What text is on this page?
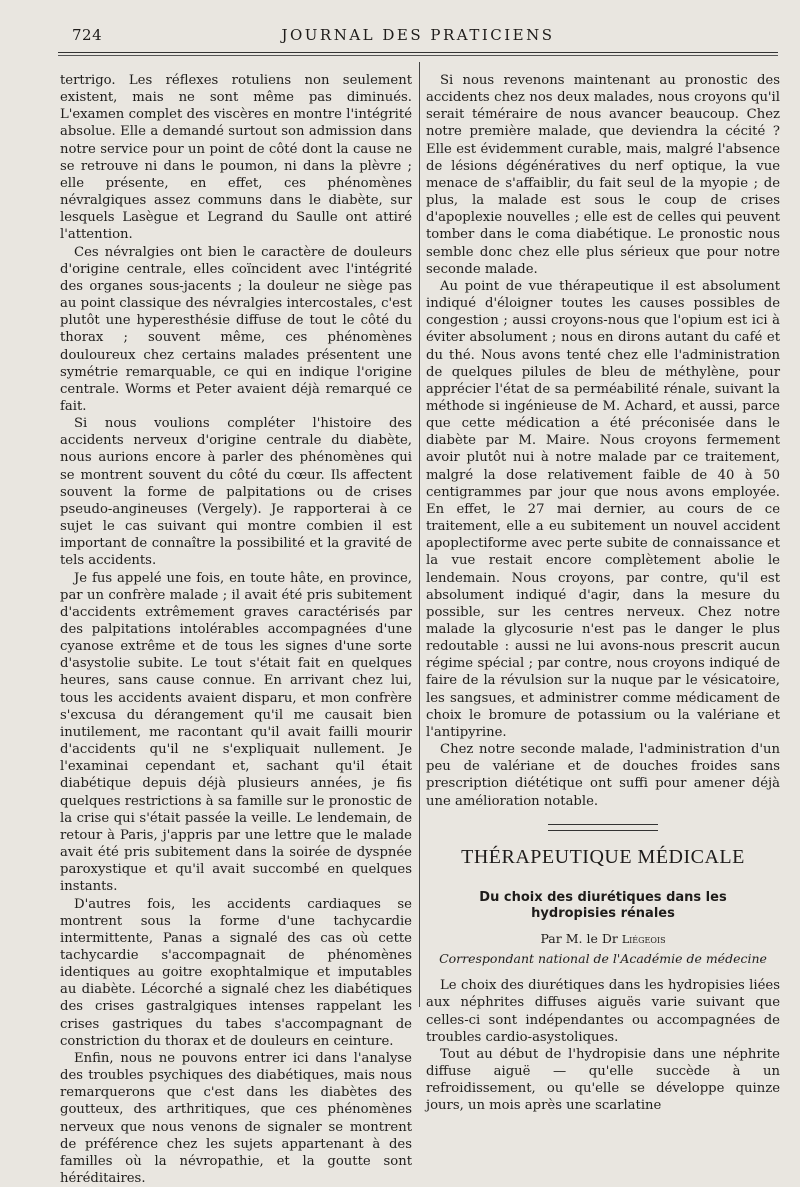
724	JOURNAL DES PRATICIENS

tertrigo. Les réflexes rotuliens non seulement existent, mais ne sont même pas diminués. L'examen complet des viscères en montre l'intégrité absolue. Elle a demandé surtout son admission dans notre service pour un point de côté dont la cause ne se retrouve ni dans le poumon, ni dans la plèvre ; elle présente, en effet, ces phénomènes névralgiques assez communs dans le diabète, sur lesquels Lasègue et Legrand du Saulle ont attiré l'attention.

Ces névralgies ont bien le caractère de douleurs d'origine centrale, elles coïncident avec l'intégrité des organes sous-jacents ; la douleur ne siège pas au point classique des névralgies intercostales, c'est plutôt une hyperesthésie diffuse de tout le côté du thorax ; souvent même, ces phénomènes douloureux chez certains malades présentent une symétrie remarquable, ce qui en indique l'origine centrale. Worms et Peter avaient déjà remarqué ce fait.

Si nous voulions compléter l'histoire des accidents nerveux d'origine centrale du diabète, nous aurions encore à parler des phénomènes qui se montrent souvent du côté du cœur. Ils affectent souvent la forme de palpitations ou de crises pseudo-angineuses (Vergely). Je rapporterai à ce sujet le cas suivant qui montre combien il est important de connaître la possibilité et la gravité de tels accidents.

Je fus appelé une fois, en toute hâte, en province, par un confrère malade ; il avait été pris subitement d'accidents extrêmement graves caractérisés par des palpitations intolérables accompagnées d'une cyanose extrême et de tous les signes d'une sorte d'asystolie subite. Le tout s'était fait en quelques heures, sans cause connue. En arrivant chez lui, tous les accidents avaient disparu, et mon confrère s'excusa du dérangement qu'il me causait bien inutilement, me racontant qu'il avait failli mourir d'accidents qu'il ne s'expliquait nullement. Je l'examinai cependant et, sachant qu'il était diabétique depuis déjà plusieurs années, je fis quelques restrictions à sa famille sur le pronostic de la crise qui s'était passée la veille. Le lendemain, de retour à Paris, j'appris par une lettre que le malade avait été pris subitement dans la soirée de dyspnée paroxystique et qu'il avait succombé en quelques instants.

D'autres fois, les accidents cardiaques se montrent sous la forme d'une tachycardie intermittente, Panas a signalé des cas où cette tachycardie s'accompagnait de phénomènes identiques au goitre exophtalmique et imputables au diabète. Lécorché a signalé chez les diabétiques des crises gastralgiques intenses rappelant les crises gastriques du tabes s'accompagnant de constriction du thorax et de douleurs en ceinture.

Enfin, nous ne pouvons entrer ici dans l'analyse des troubles psychiques des diabétiques, mais nous remarquerons que c'est dans les diabètes des goutteux, des arthritiques, que ces phénomènes nerveux que nous venons de signaler se montrent de préférence chez les sujets appartenant à des familles où la névropathie, et la goutte sont héréditaires.

Si nous revenons maintenant au pronostic des accidents chez nos deux malades, nous croyons qu'il serait téméraire de nous avancer beaucoup. Chez notre première malade, que deviendra la cécité ? Elle est évidemment curable, mais, malgré l'absence de lésions dégénératives du nerf optique, la vue menace de s'affaiblir, du fait seul de la myopie ; de plus, la malade est sous le coup de crises d'apoplexie nouvelles ; elle est de celles qui peuvent tomber dans le coma diabétique. Le pronostic nous semble donc chez elle plus sérieux que pour notre seconde malade.

Au point de vue thérapeutique il est absolument indiqué d'éloigner toutes les causes possibles de congestion ; aussi croyons-nous que l'opium est ici à éviter absolument ; nous en dirons autant du café et du thé. Nous avons tenté chez elle l'administration de quelques pilules de bleu de méthylène, pour apprécier l'état de sa perméabilité rénale, suivant la méthode si ingénieuse de M. Achard, et aussi, parce que cette médication a été préconisée dans le diabète par M. Maire. Nous croyons fermement avoir plutôt nui à notre malade par ce traitement, malgré la dose relativement faible de 40 à 50 centigrammes par jour que nous avons employée. En effet, le 27 mai dernier, au cours de ce traitement, elle a eu subitement un nouvel accident apoplectiforme avec perte subite de connaissance et la vue restait encore complètement abolie le lendemain. Nous croyons, par contre, qu'il est absolument indiqué d'agir, dans la mesure du possible, sur les centres nerveux. Chez notre malade la glycosurie n'est pas le danger le plus redoutable : aussi ne lui avons-nous prescrit aucun régime spécial ; par contre, nous croyons indiqué de faire de la révulsion sur la nuque par le vésicatoire, les sangsues, et administrer comme médicament de choix le bromure de potassium ou la valériane et l'antipyrine.

Chez notre seconde malade, l'administration d'un peu de valériane et de douches froides sans prescription diététique ont suffi pour amener déjà une amélioration notable.

THÉRAPEUTIQUE MÉDICALE
Du choix des diurétiques dans les hydropisies rénales
Par M. le Dr Liégeois
Correspondant national de l'Académie de médecine

Le choix des diurétiques dans les hydropisies liées aux néphrites diffuses aiguës varie suivant que celles-ci sont indépendantes ou accompagnées de troubles cardio-asystoliques.

Tout au début de l'hydropisie dans une néphrite diffuse aiguë — qu'elle succède à un refroidissement, ou qu'elle se développe quinze jours, un mois après une scarlatine
